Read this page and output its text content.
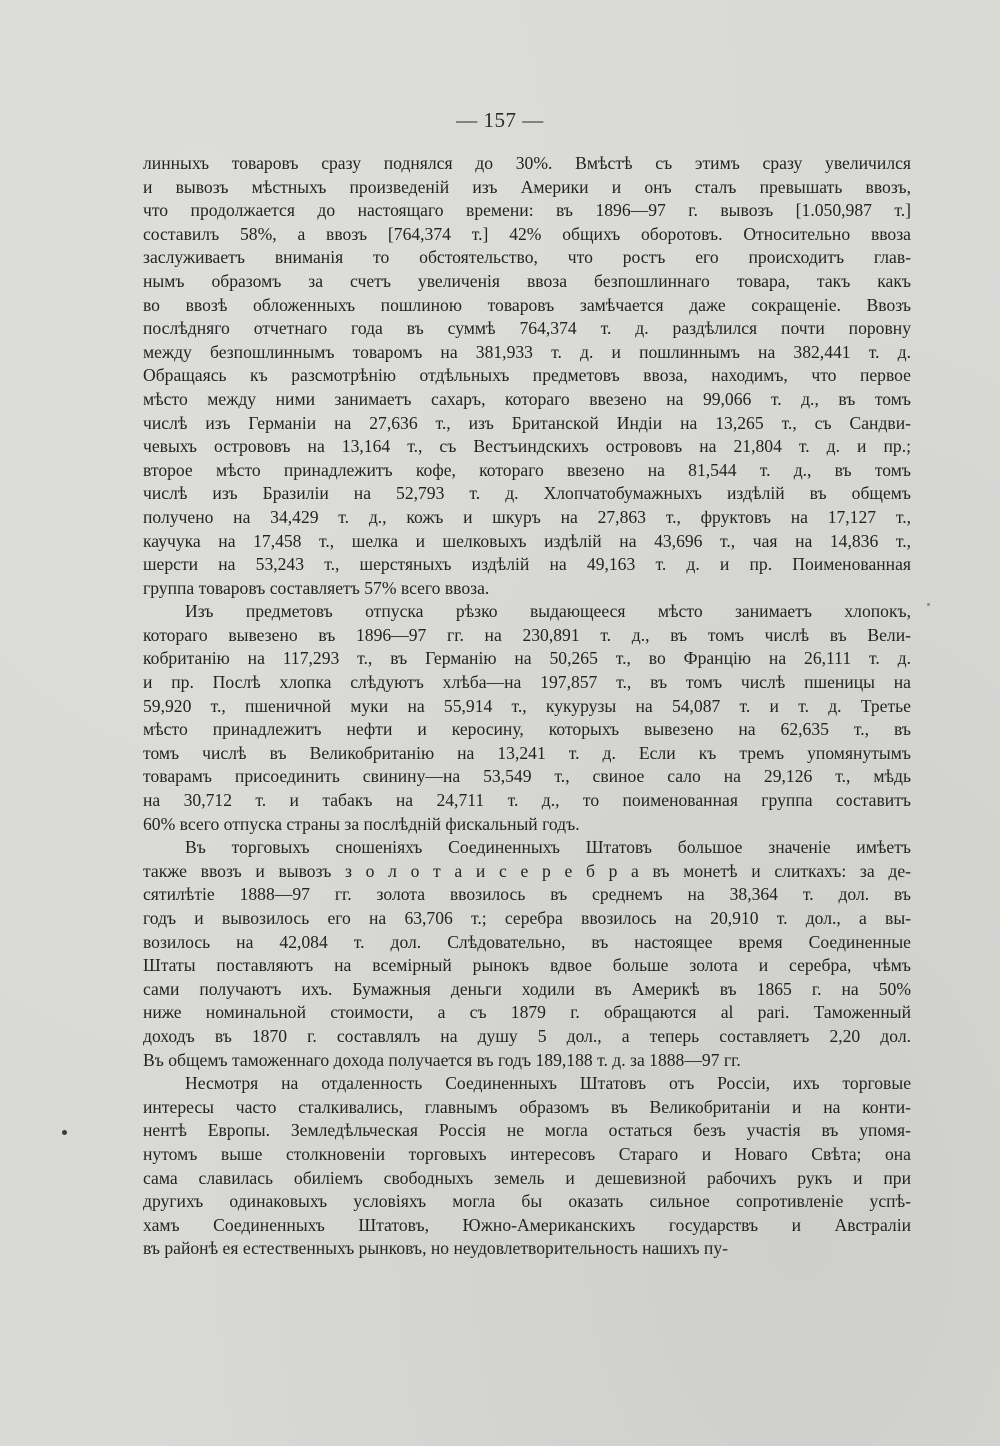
— 157 —
линныхъ товаровъ сразу поднялся до 30%. Вмѣстѣ съ этимъ сразу увеличился
и вывозъ мѣстныхъ произведеній изъ Америки и онъ сталъ превышать ввозъ,
что продолжается до настоящаго времени: въ 1896—97 г. вывозъ [1.050,987 т.]
составилъ 58%, а ввозъ [764,374 т.] 42% общихъ оборотовъ. Относительно ввоза
заслуживаетъ вниманія то обстоятельство, что ростъ его происходитъ глав-
нымъ образомъ за счетъ увеличенія ввоза безпошлиннаго товара, такъ какъ
во ввозѣ обложенныхъ пошлиною товаровъ замѣчается даже сокращеніе. Ввозъ
послѣдняго отчетнаго года въ суммѣ 764,374 т. д. раздѣлился почти поровну
между безпошлиннымъ товаромъ на 381,933 т. д. и пошлиннымъ на 382,441 т. д.
Обращаясь къ разсмотрѣнію отдѣльныхъ предметовъ ввоза, находимъ, что первое
мѣсто между ними занимаетъ сахаръ, котораго ввезено на 99,066 т. д., въ томъ
числѣ изъ Германіи на 27,636 т., изъ Британской Индіи на 13,265 т., съ Сандви-
чевыхъ острововъ на 13,164 т., съ Вестъиндскихъ острововъ на 21,804 т. д. и пр.;
второе мѣсто принадлежитъ кофе, котораго ввезено на 81,544 т. д., въ томъ
числѣ изъ Бразиліи на 52,793 т. д. Хлопчатобумажныхъ издѣлій въ общемъ
получено на 34,429 т. д., кожъ и шкуръ на 27,863 т., фруктовъ на 17,127 т.,
каучука на 17,458 т., шелка и шелковыхъ издѣлій на 43,696 т., чая на 14,836 т.,
шерсти на 53,243 т., шерстяныхъ издѣлій на 49,163 т. д. и пр. Поименованная
группа товаровъ составляетъ 57% всего ввоза.
Изъ предметовъ отпуска рѣзко выдающееся мѣсто занимаетъ хлопокъ,
котораго вывезено въ 1896—97 гг. на 230,891 т. д., въ томъ числѣ въ Вели-
кобританію на 117,293 т., въ Германію на 50,265 т., во Францію на 26,111 т. д.
и пр. Послѣ хлопка слѣдуютъ хлѣба—на 197,857 т., въ томъ числѣ пшеницы на
59,920 т., пшеничной муки на 55,914 т., кукурузы на 54,087 т. и т. д. Третье
мѣсто принадлежитъ нефти и керосину, которыхъ вывезено на 62,635 т., въ
томъ числѣ въ Великобританію на 13,241 т. д. Если къ тремъ упомянутымъ
товарамъ присоединить свинину—на 53,549 т., свиное сало на 29,126 т., мѣдь
на 30,712 т. и табакъ на 24,711 т. д., то поименованная группа составитъ
60% всего отпуска страны за послѣдній фискальный годъ.
Въ торговыхъ сношеніяхъ Соединенныхъ Штатовъ большое значеніе имѣетъ
также ввозъ и вывозъ з о л о т а и с е р е б р а въ монетѣ и слиткахъ: за де-
сятилѣтіе 1888—97 гг. золота ввозилось въ среднемъ на 38,364 т. дол. въ
годъ и вывозилось его на 63,706 т.; серебра ввозилось на 20,910 т. дол., а вы-
возилось на 42,084 т. дол. Слѣдовательно, въ настоящее время Соединенные
Штаты поставляютъ на всемірный рынокъ вдвое больше золота и серебра, чѣмъ
сами получаютъ ихъ. Бумажныя деньги ходили въ Америкѣ въ 1865 г. на 50%
ниже номинальной стоимости, а съ 1879 г. обращаются al pari. Таможенный
доходъ въ 1870 г. составлялъ на душу 5 дол., а теперь составляетъ 2,20 дол.
Въ общемъ таможеннаго дохода получается въ годъ 189,188 т. д. за 1888—97 гг.
Несмотря на отдаленность Соединенныхъ Штатовъ отъ Россіи, ихъ торговые
интересы часто сталкивались, главнымъ образомъ въ Великобританіи и на конти-
нентѣ Европы. Земледѣльческая Россія не могла остаться безъ участія въ упомя-
нутомъ выше столкновеніи торговыхъ интересовъ Стараго и Новаго Свѣта; она
сама славилась обиліемъ свободныхъ земель и дешевизной рабочихъ рукъ и при
другихъ одинаковыхъ условіяхъ могла бы оказать сильное сопротивленіе успѣ-
хамъ Соединенныхъ Штатовъ, Южно-Американскихъ государствъ и Австраліи
въ районѣ ея естественныхъ рынковъ, но неудовлетворительность нашихъ пу-
